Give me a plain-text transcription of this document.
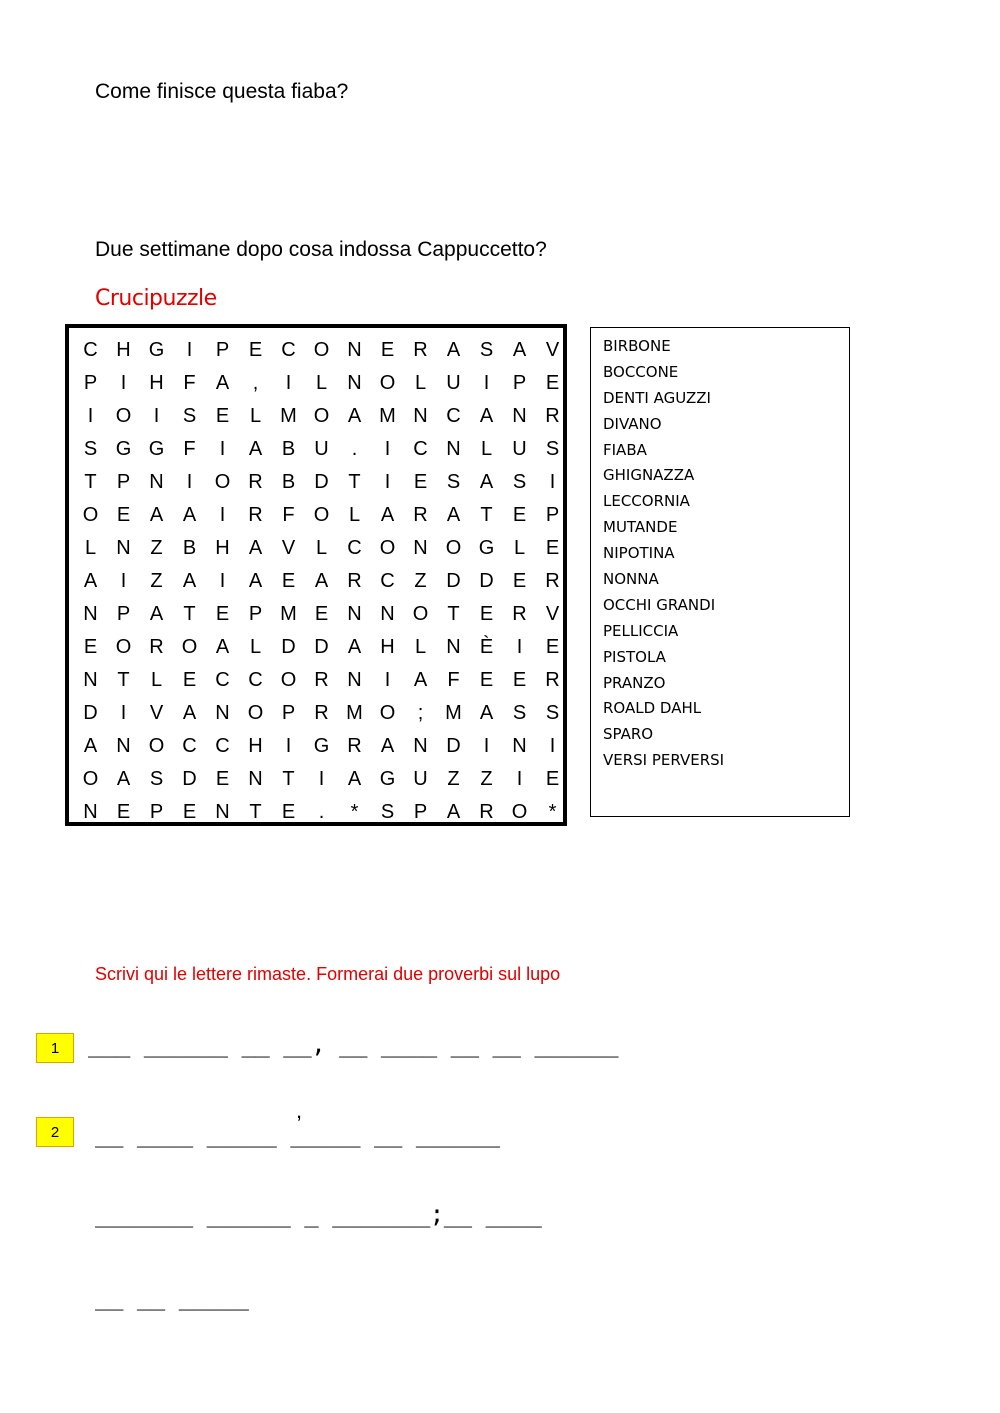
Come finisce questa fiaba?

Due settimane dopo cosa indossa Cappuccetto?

Crucipuzzle
C H G	I	P E C O N E R A S A V
P	I	H F	A	,	I	L	N O L	U	I	P E
I	O	I	S E	L M O A M N C A N R
S G G F	I	A B U	.	I	C N	L	U S
T	P N	I	O R B D T	I	E S A S	I
O E A A	I	R F O L	A R A	T	E P
L	N Z	B H A V	L	C O N O G L	E
A	I	Z	A	I	A E A R C Z D D E R
N P A	T	E P M E N N O T	E R V
E O R O A	L	D D A H	L	N È	I	E
N T	L	E C C O R N	I	A	F	E E R
D	I	V A N O P R M O	;	M A S S
A N O C C H	I	G R A N D	I	N	I
O A S D E N T	I	A G U Z	Z	I	E
N E P E N T	E	.	*	S P A R O	*
BIRBONE
BOCCONE
DENTI AGUZZI
DIVANO
FIABA
GHIGNAZZA
LECCORNIA
MUTANDE
NIPOTINA
NONNA
OCCHI GRANDI
PELLICCIA
PISTOLA
PRANZO
ROALD DAHL
SPARO
VERSI PERVERSI

Scrivi qui le lettere rimaste. Formerai due proverbi sul lupo

1
2
___ ______ __ __, __ ____ __ __ ______
,
__ ____ _____ _____ __ ______
_______ ______ _ _______;__ ____
__ __ _____
